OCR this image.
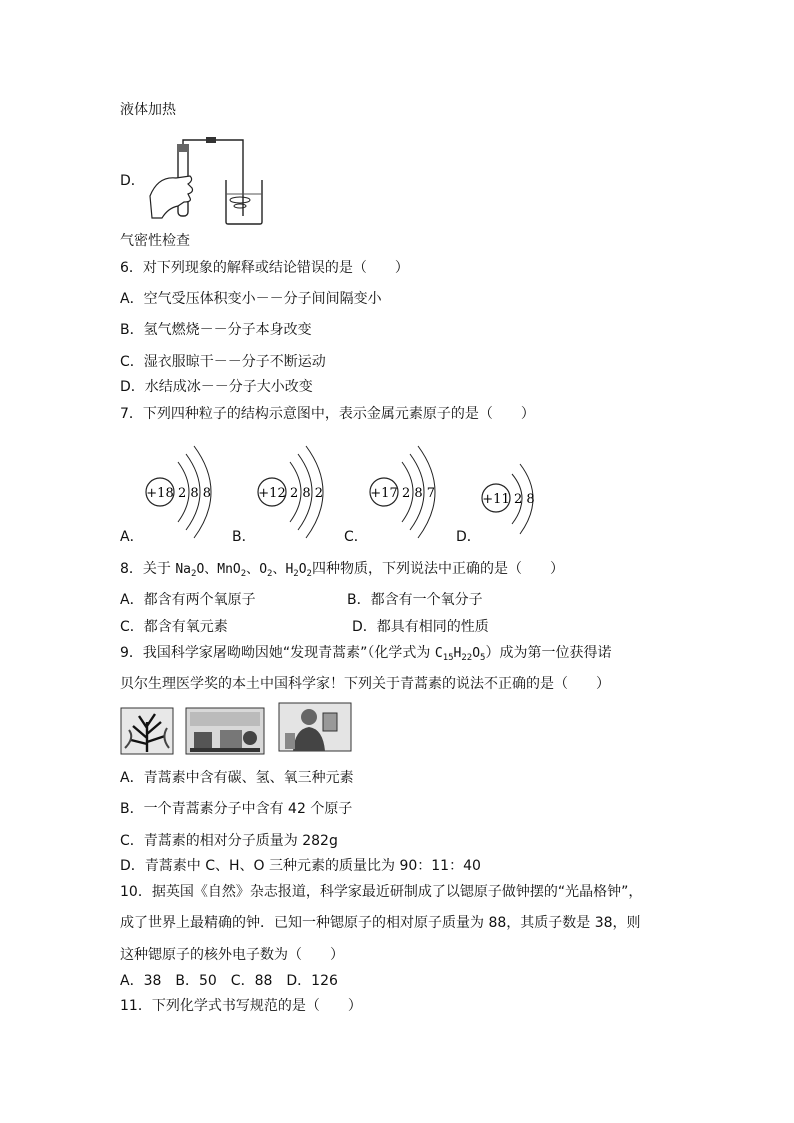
液体加热
D．
气密性检查
6．对下列现象的解释或结论错误的是（　　）
A．空气受压体积变小－－分子间间隔变小
B．氢气燃烧－－分子本身改变
C．湿衣服晾干－－分子不断运动
D．水结成冰－－分子大小改变
7．下列四种粒子的结构示意图中，表示金属元素原子的是（　　）
+18 2 8 8	+12 2 8 2	+17 2 8 7	+11 2 8
A．	B．	C．	D．
8．关于 $Na_2O$、MnO$_2$、$O_2$、$H_2O_2$四种物质，下列说法中正确的是（　　）
A．都含有两个氧原子	B．都含有一个氧分子
C．都含有氧元素	D．都具有相同的性质
9．我国科学家屠呦呦因她“发现青蒿素”（化学式为 $C_{15}H_{22}O_5$）成为第一位获得诺
贝尔生理医学奖的本土中国科学家！下列关于青蒿素的说法不正确的是（　　）
A．青蒿素中含有碳、氢、氧三种元素
B．一个青蒿素分子中含有 42 个原子
C．青蒿素的相对分子质量为 282g
D．青蒿素中 C、H、O 三种元素的质量比为 90：11：40
10．据英国《自然》杂志报道，科学家最近研制成了以锶原子做钟摆的“光晶格钟”，
成了世界上最精确的钟．已知一种锶原子的相对原子质量为 88，其质子数是 38，则
这种锶原子的核外电子数为（　　）
A．38　B．50　C．88　D．126
11．下列化学式书写规范的是（　　）
